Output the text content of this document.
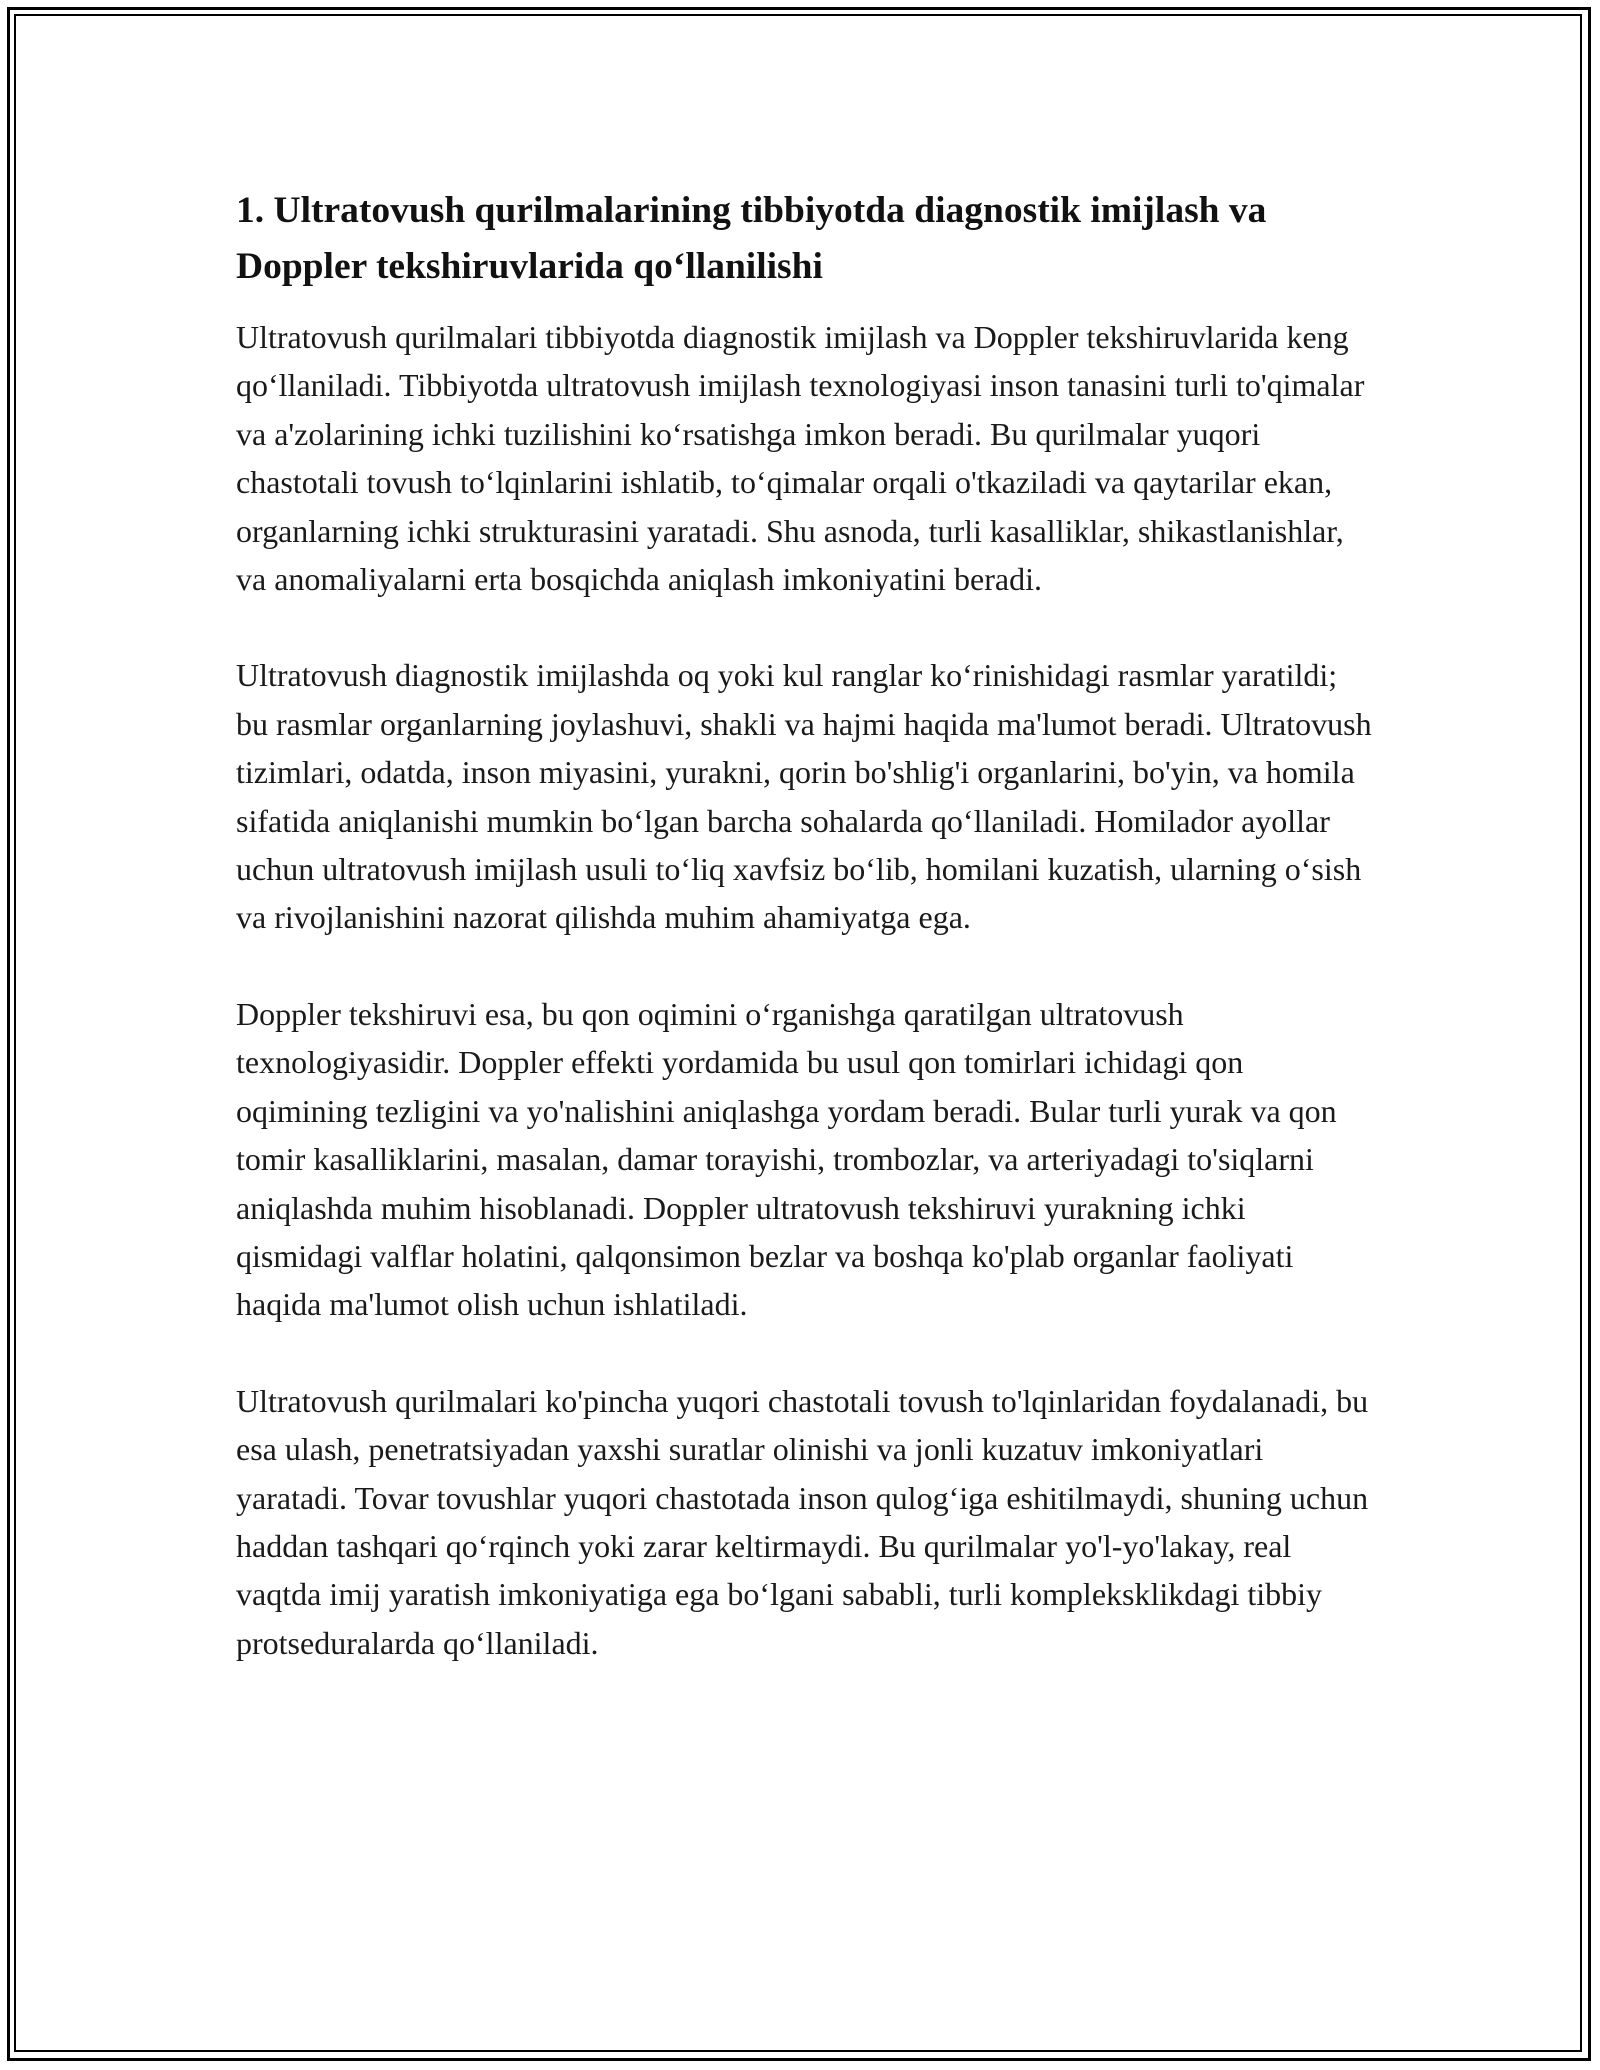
1. Ultratovush qurilmalarining tibbiyotda diagnostik imijlash va Doppler tekshiruvlarida qo‘llanilishi

Ultratovush qurilmalari tibbiyotda diagnostik imijlash va Doppler tekshiruvlarida keng qo‘llaniladi. Tibbiyotda ultratovush imijlash texnologiyasi inson tanasini turli to'qimalar va a'zolarining ichki tuzilishini ko‘rsatishga imkon beradi. Bu qurilmalar yuqori chastotali tovush to‘lqinlarini ishlatib, to‘qimalar orqali o'tkaziladi va qaytarilar ekan, organlarning ichki strukturasini yaratadi. Shu asnoda, turli kasalliklar, shikastlanishlar, va anomaliyalarni erta bosqichda aniqlash imkoniyatini beradi.

Ultratovush diagnostik imijlashda oq yoki kul ranglar ko‘rinishidagi rasmlar yaratildi; bu rasmlar organlarning joylashuvi, shakli va hajmi haqida ma'lumot beradi. Ultratovush tizimlari, odatda, inson miyasini, yurakni, qorin bo'shlig'i organlarini, bo'yin, va homila sifatida aniqlanishi mumkin bo‘lgan barcha sohalarda qo‘llaniladi. Homilador ayollar uchun ultratovush imijlash usuli to‘liq xavfsiz bo‘lib, homilani kuzatish, ularning o‘sish va rivojlanishini nazorat qilishda muhim ahamiyatga ega.

Doppler tekshiruvi esa, bu qon oqimini o‘rganishga qaratilgan ultratovush texnologiyasidir. Doppler effekti yordamida bu usul qon tomirlari ichidagi qon oqimining tezligini va yo'nalishini aniqlashga yordam beradi. Bular turli yurak va qon tomir kasalliklarini, masalan, damar torayishi, trombozlar, va arteriyadagi to'siqlarni aniqlashda muhim hisoblanadi. Doppler ultratovush tekshiruvi yurakning ichki qismidagi valflar holatini, qalqonsimon bezlar va boshqa ko'plab organlar faoliyati haqida ma'lumot olish uchun ishlatiladi.

Ultratovush qurilmalari ko'pincha yuqori chastotali tovush to'lqinlaridan foydalanadi, bu esa ulash, penetratsiyadan yaxshi suratlar olinishi va jonli kuzatuv imkoniyatlari yaratadi. Tovar tovushlar yuqori chastotada inson qulog‘iga eshitilmaydi, shuning uchun haddan tashqari qo‘rqinch yoki zarar keltirmaydi. Bu qurilmalar yo'l-yo'lakay, real vaqtda imij yaratish imkoniyatiga ega bo‘lgani sababli, turli kompleksklikdagi tibbiy protseduralarda qo‘llaniladi.
